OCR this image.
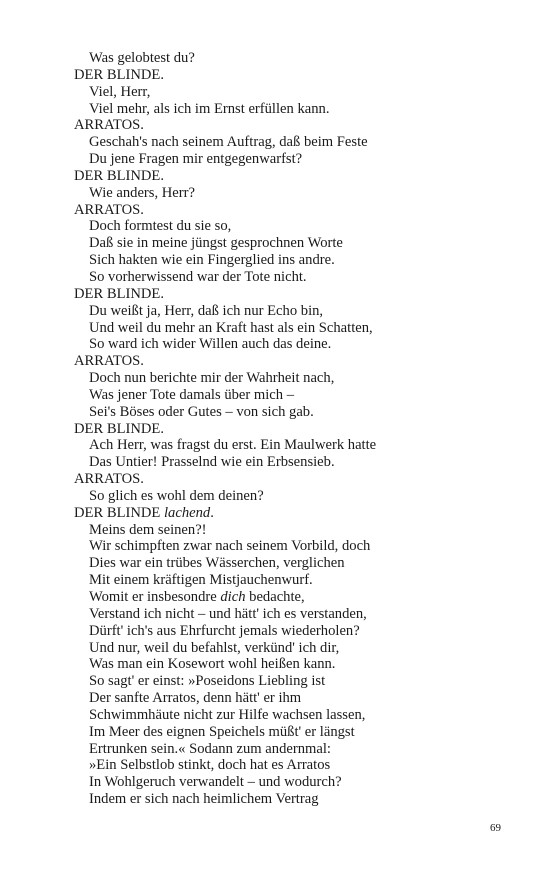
Was gelobtest du?
DER BLINDE.
Viel, Herr,
Viel mehr, als ich im Ernst erfüllen kann.
ARRATOS.
Geschah's nach seinem Auftrag, daß beim Feste
Du jene Fragen mir entgegenwarfst?
DER BLINDE.
Wie anders, Herr?
ARRATOS.
Doch formtest du sie so,
Daß sie in meine jüngst gesprochnen Worte
Sich hakten wie ein Fingerglied ins andre.
So vorherwissend war der Tote nicht.
DER BLINDE.
Du weißt ja, Herr, daß ich nur Echo bin,
Und weil du mehr an Kraft hast als ein Schatten,
So ward ich wider Willen auch das deine.
ARRATOS.
Doch nun berichte mir der Wahrheit nach,
Was jener Tote damals über mich –
Sei's Böses oder Gutes – von sich gab.
DER BLINDE.
Ach Herr, was fragst du erst. Ein Maulwerk hatte
Das Untier! Prasselnd wie ein Erbsensieb.
ARRATOS.
So glich es wohl dem deinen?
DER BLINDE lachend.
Meins dem seinen?!
Wir schimpften zwar nach seinem Vorbild, doch
Dies war ein trübes Wässerchen, verglichen
Mit einem kräftigen Mistjauchenwurf.
Womit er insbesondre dich bedachte,
Verstand ich nicht – und hätt' ich es verstanden,
Dürft' ich's aus Ehrfurcht jemals wiederholen?
Und nur, weil du befahlst, verkünd' ich dir,
Was man ein Kosewort wohl heißen kann.
So sagt' er einst: »Poseidons Liebling ist
Der sanfte Arratos, denn hätt' er ihm
Schwimmhäute nicht zur Hilfe wachsen lassen,
Im Meer des eignen Speichels müßt' er längst
Ertrunken sein.« Sodann zum andernmal:
»Ein Selbstlob stinkt, doch hat es Arratos
In Wohlgeruch verwandelt – und wodurch?
Indem er sich nach heimlichem Vertrag
69
